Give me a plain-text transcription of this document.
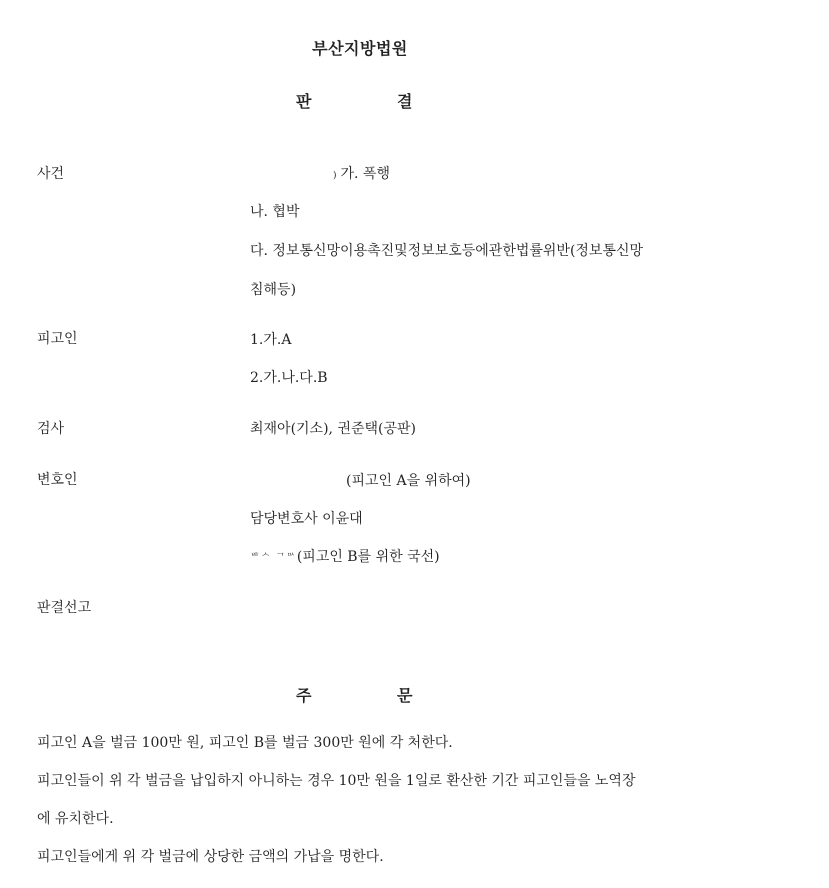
부산지방법원
판	결
사건	) 가. 폭행
나. 협박
다. 정보통신망이용촉진및정보보호등에관한법률위반(정보통신망
침해등)
피고인	1.가.A
2.가.나.다.B
검사	최재아(기소), 권준택(공판)
변호인	(피고인 A을 위하여)
담당변호사 이윤대
ᄇᄒᄉ ᄀᄆᄉ(피고인 B를 위한 국선)
판결선고
주	문
피고인 A을 벌금 100만 원, 피고인 B를 벌금 300만 원에 각 처한다.
피고인들이 위 각 벌금을 납입하지 아니하는 경우 10만 원을 1일로 환산한 기간 피고인들을 노역장
에 유치한다.
피고인들에게 위 각 벌금에 상당한 금액의 가납을 명한다.
